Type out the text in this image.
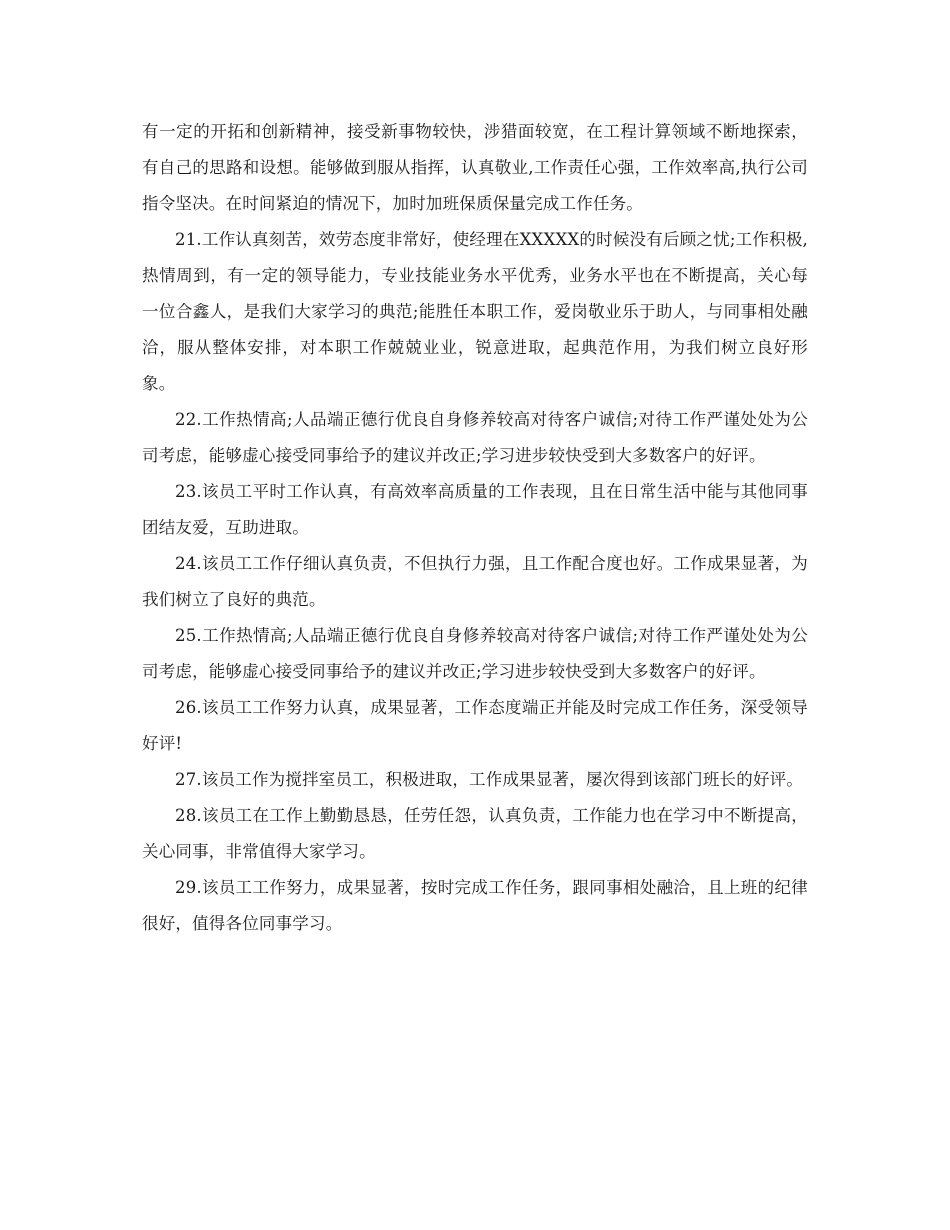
有一定的开拓和创新精神，接受新事物较快，涉猎面较宽，在工程计算领域不断地探索，有自己的思路和设想。能够做到服从指挥，认真敬业,工作责任心强，工作效率高,执行公司指令坚决。在时间紧迫的情况下，加时加班保质保量完成工作任务。

21.工作认真刻苦，效劳态度非常好，使经理在XXXXX的时候没有后顾之忧;工作积极,热情周到，有一定的领导能力，专业技能业务水平优秀，业务水平也在不断提高，关心每一位合鑫人，是我们大家学习的典范;能胜任本职工作，爱岗敬业乐于助人，与同事相处融洽，服从整体安排，对本职工作兢兢业业，锐意进取，起典范作用，为我们树立良好形象。

22.工作热情高;人品端正德行优良自身修养较高对待客户诚信;对待工作严谨处处为公司考虑，能够虚心接受同事给予的建议并改正;学习进步较快受到大多数客户的好评。

23.该员工平时工作认真，有高效率高质量的工作表现，且在日常生活中能与其他同事团结友爱，互助进取。

24.该员工工作仔细认真负责，不但执行力强，且工作配合度也好。工作成果显著，为我们树立了良好的典范。

25.工作热情高;人品端正德行优良自身修养较高对待客户诚信;对待工作严谨处处为公司考虑，能够虚心接受同事给予的建议并改正;学习进步较快受到大多数客户的好评。

26.该员工工作努力认真，成果显著，工作态度端正并能及时完成工作任务，深受领导好评!

27.该员工作为搅拌室员工，积极进取，工作成果显著，屡次得到该部门班长的好评。

28.该员工在工作上勤勤恳恳，任劳任怨，认真负责，工作能力也在学习中不断提高，关心同事，非常值得大家学习。

29.该员工工作努力，成果显著，按时完成工作任务，跟同事相处融洽，且上班的纪律很好，值得各位同事学习。
